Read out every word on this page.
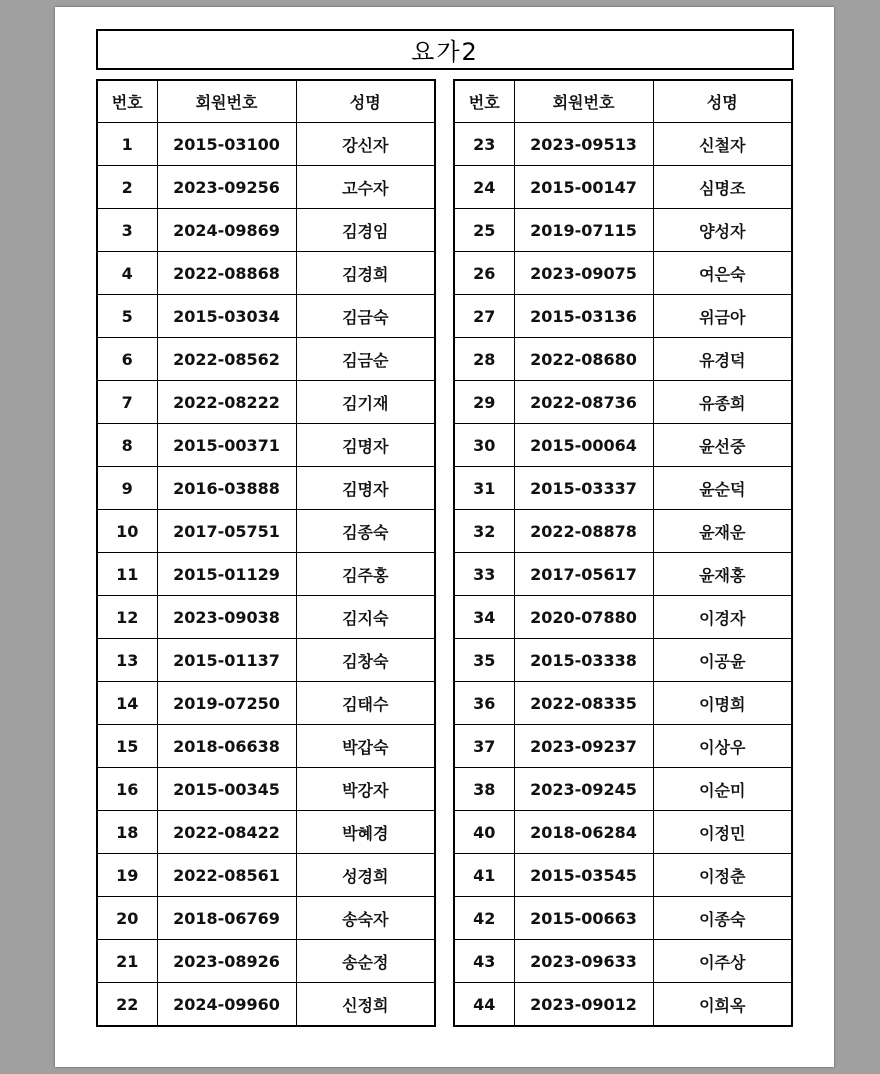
요가2
번호	회원번호	성명
1	2015-03100	강신자
2	2023-09256	고수자
3	2024-09869	김경임
4	2022-08868	김경희
5	2015-03034	김금숙
6	2022-08562	김금순
7	2022-08222	김기재
8	2015-00371	김명자
9	2016-03888	김명자
10	2017-05751	김종숙
11	2015-01129	김주홍
12	2023-09038	김지숙
13	2015-01137	김창숙
14	2019-07250	김태수
15	2018-06638	박갑숙
16	2015-00345	박강자
18	2022-08422	박혜경
19	2022-08561	성경희
20	2018-06769	송숙자
21	2023-08926	송순정
22	2024-09960	신정희
번호	회원번호	성명
23	2023-09513	신철자
24	2015-00147	심명조
25	2019-07115	양성자
26	2023-09075	여은숙
27	2015-03136	위금아
28	2022-08680	유경덕
29	2022-08736	유종희
30	2015-00064	윤선중
31	2015-03337	윤순덕
32	2022-08878	윤재운
33	2017-05617	윤재홍
34	2020-07880	이경자
35	2015-03338	이공윤
36	2022-08335	이명희
37	2023-09237	이상우
38	2023-09245	이순미
40	2018-06284	이정민
41	2015-03545	이정춘
42	2015-00663	이종숙
43	2023-09633	이주상
44	2023-09012	이희옥
